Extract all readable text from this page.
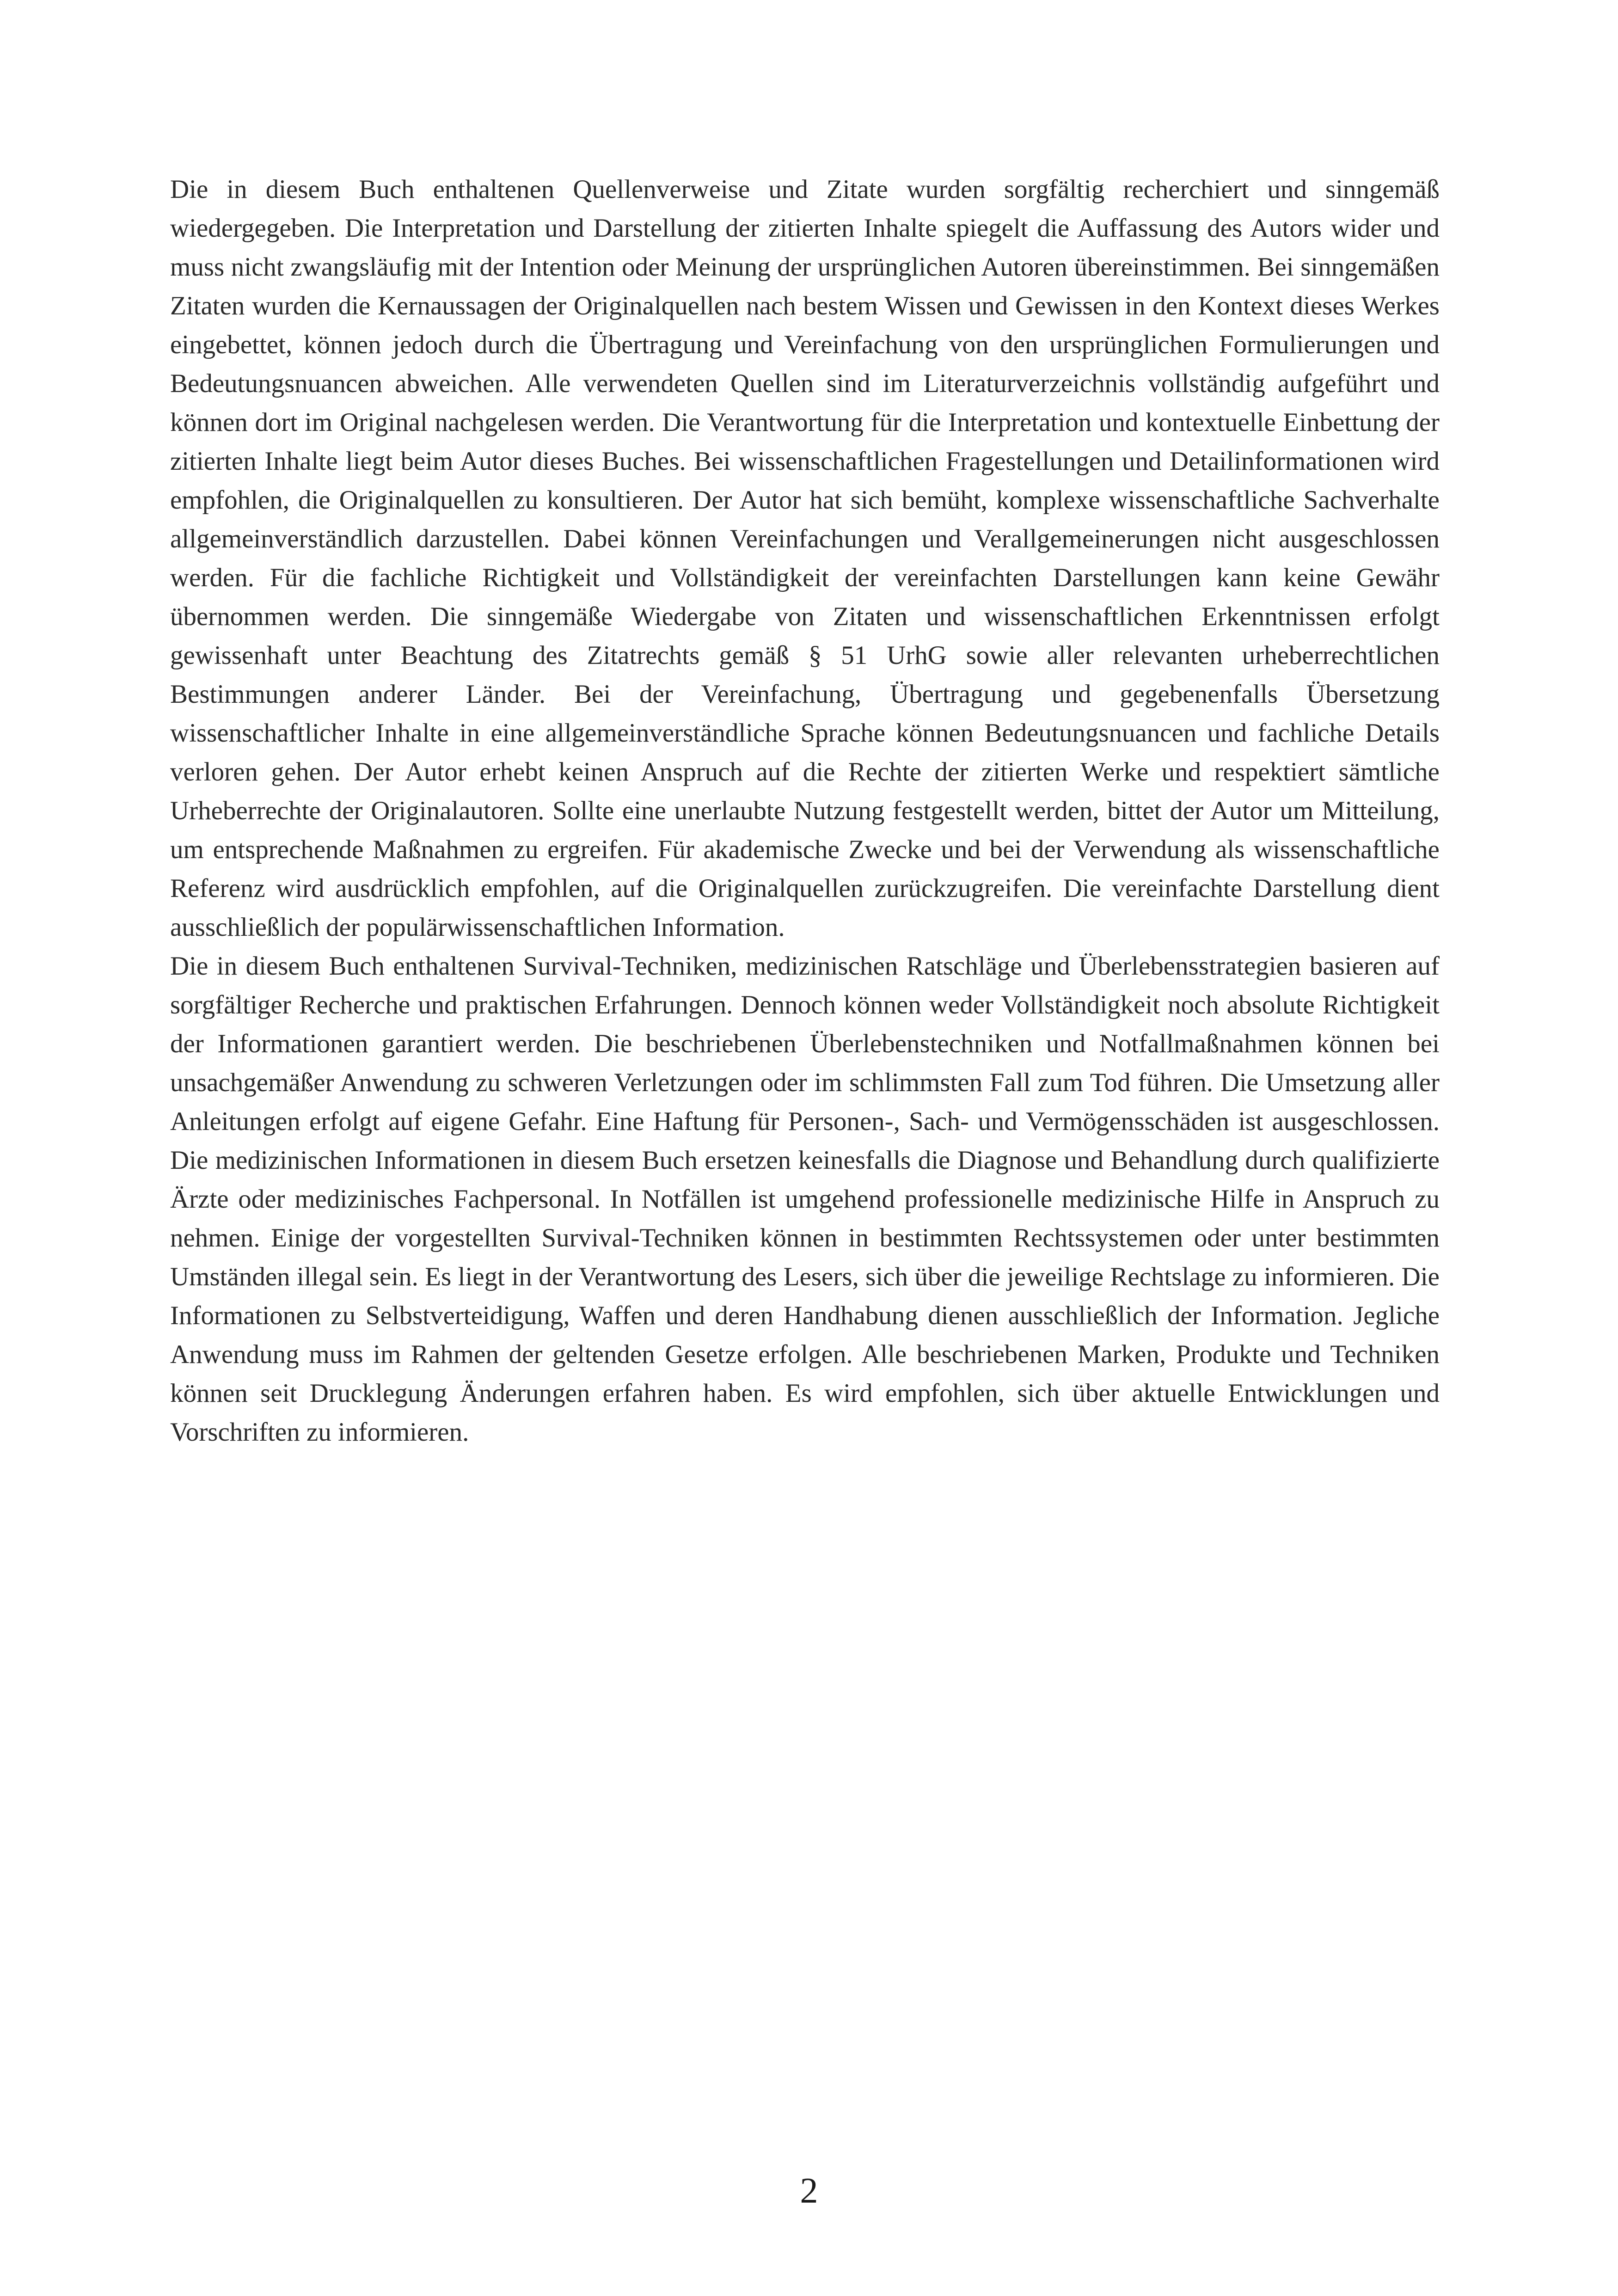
Die in diesem Buch enthaltenen Quellenverweise und Zitate wurden sorgfältig recherchiert und sinngemäß wiedergegeben. Die Interpretation und Darstellung der zitierten Inhalte spiegelt die Auffassung des Autors wider und muss nicht zwangsläufig mit der Intention oder Meinung der ursprünglichen Autoren übereinstimmen. Bei sinngemäßen Zitaten wurden die Kernaussagen der Originalquellen nach bestem Wissen und Gewissen in den Kontext dieses Werkes eingebettet, können jedoch durch die Übertragung und Vereinfachung von den ursprünglichen Formulierungen und Bedeutungsnuancen abweichen. Alle verwendeten Quellen sind im Literaturverzeichnis vollständig aufgeführt und können dort im Original nachgelesen werden. Die Verantwortung für die Interpretation und kontextuelle Einbettung der zitierten Inhalte liegt beim Autor dieses Buches. Bei wissenschaftlichen Fragestellungen und Detailinformationen wird empfohlen, die Originalquellen zu konsultieren. Der Autor hat sich bemüht, komplexe wissenschaftliche Sachverhalte allgemeinverständlich darzustellen. Dabei können Vereinfachungen und Verallgemeinerungen nicht ausgeschlossen werden. Für die fachliche Richtigkeit und Vollständigkeit der vereinfachten Darstellungen kann keine Gewähr übernommen werden. Die sinngemäße Wiedergabe von Zitaten und wissenschaftlichen Erkenntnissen erfolgt gewissenhaft unter Beachtung des Zitatrechts gemäß § 51 UrhG sowie aller relevanten urheberrechtlichen Bestimmungen anderer Länder. Bei der Vereinfachung, Übertragung und gegebenenfalls Übersetzung wissenschaftlicher Inhalte in eine allgemeinverständliche Sprache können Bedeutungsnuancen und fachliche Details verloren gehen. Der Autor erhebt keinen Anspruch auf die Rechte der zitierten Werke und respektiert sämtliche Urheberrechte der Originalautoren. Sollte eine unerlaubte Nutzung festgestellt werden, bittet der Autor um Mitteilung, um entsprechende Maßnahmen zu ergreifen. Für akademische Zwecke und bei der Verwendung als wissenschaftliche Referenz wird ausdrücklich empfohlen, auf die Originalquellen zurückzugreifen. Die vereinfachte Darstellung dient ausschließlich der populärwissenschaftlichen Information.

Die in diesem Buch enthaltenen Survival-Techniken, medizinischen Ratschläge und Überlebensstrategien basieren auf sorgfältiger Recherche und praktischen Erfahrungen. Dennoch können weder Vollständigkeit noch absolute Richtigkeit der Informationen garantiert werden. Die beschriebenen Überlebenstechniken und Notfallmaßnahmen können bei unsachgemäßer Anwendung zu schweren Verletzungen oder im schlimmsten Fall zum Tod führen. Die Umsetzung aller Anleitungen erfolgt auf eigene Gefahr. Eine Haftung für Personen-, Sach- und Vermögensschäden ist ausgeschlossen. Die medizinischen Informationen in diesem Buch ersetzen keinesfalls die Diagnose und Behandlung durch qualifizierte Ärzte oder medizinisches Fachpersonal. In Notfällen ist umgehend professionelle medizinische Hilfe in Anspruch zu nehmen. Einige der vorgestellten Survival-Techniken können in bestimmten Rechtssystemen oder unter bestimmten Umständen illegal sein. Es liegt in der Verantwortung des Lesers, sich über die jeweilige Rechtslage zu informieren. Die Informationen zu Selbstverteidigung, Waffen und deren Handhabung dienen ausschließlich der Information. Jegliche Anwendung muss im Rahmen der geltenden Gesetze erfolgen. Alle beschriebenen Marken, Produkte und Techniken können seit Drucklegung Änderungen erfahren haben. Es wird empfohlen, sich über aktuelle Entwicklungen und Vorschriften zu informieren.

2
